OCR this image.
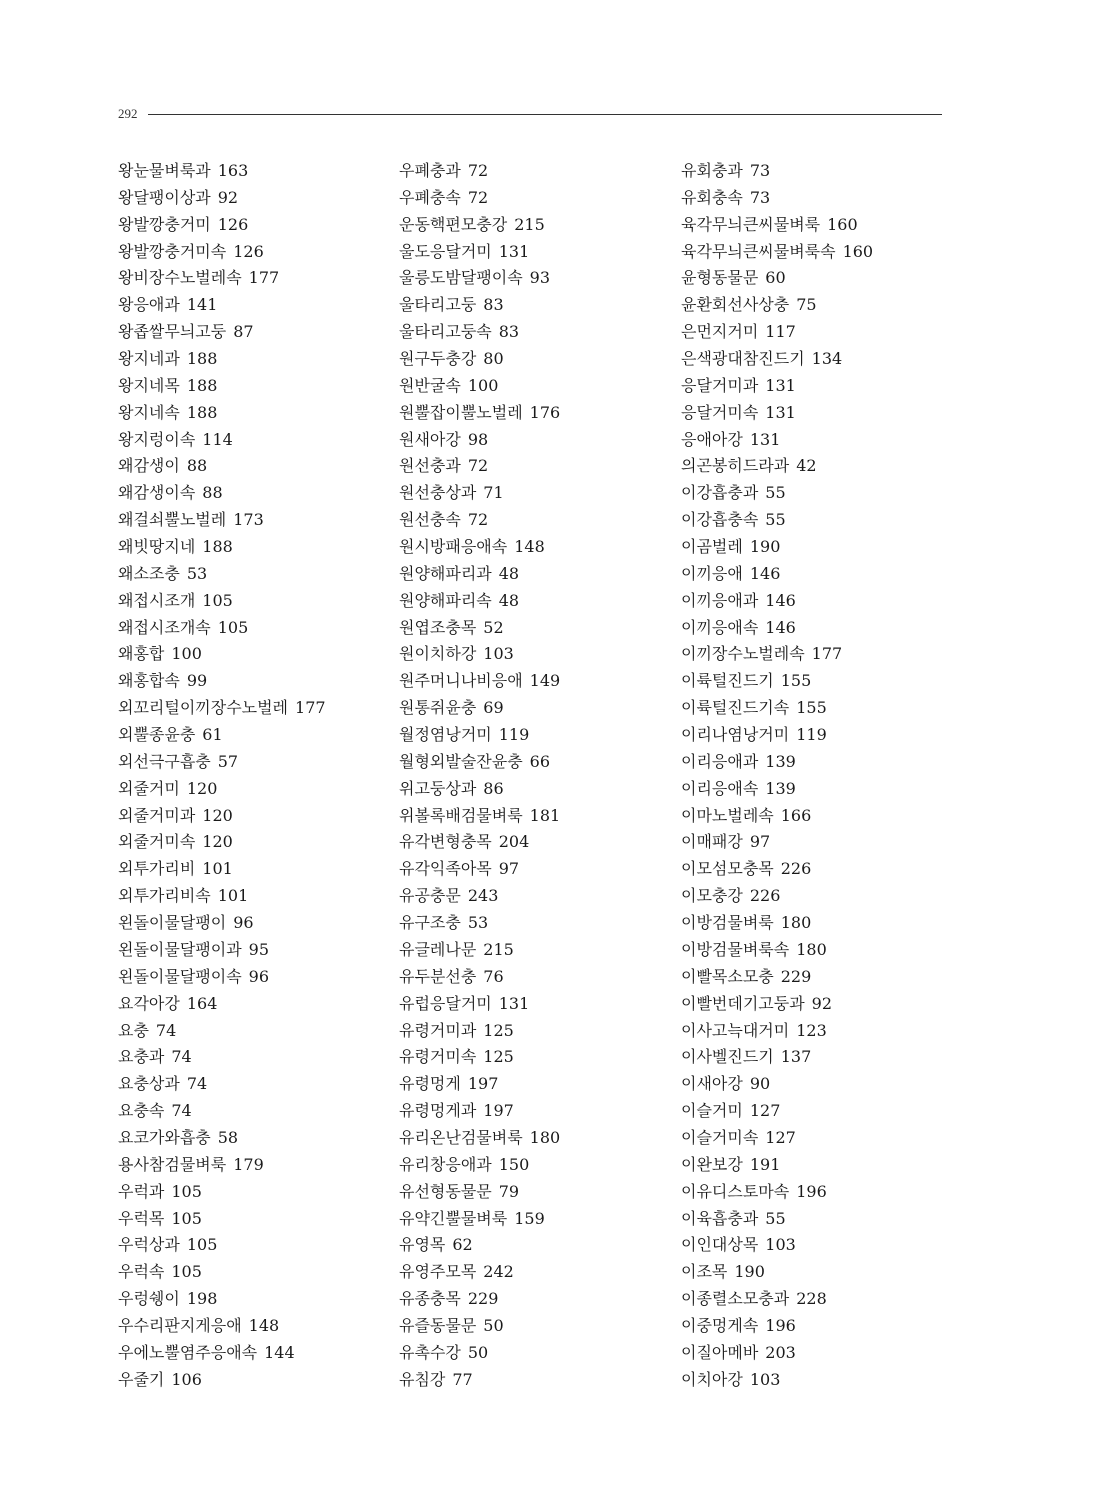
292
왕눈물벼룩과 163
왕달팽이상과 92
왕발깡충거미 126
왕발깡충거미속 126
왕비장수노벌레속 177
왕응애과 141
왕좁쌀무늬고둥 87
왕지네과 188
왕지네목 188
왕지네속 188
왕지렁이속 114
왜감생이 88
왜감생이속 88
왜걸쇠뿔노벌레 173
왜빗땅지네 188
왜소조충 53
왜접시조개 105
왜접시조개속 105
왜홍합 100
왜홍합속 99
외꼬리털이끼장수노벌레 177
외뿔종윤충 61
외선극구흡충 57
외줄거미 120
외줄거미과 120
외줄거미속 120
외투가리비 101
외투가리비속 101
왼돌이물달팽이 96
왼돌이물달팽이과 95
왼돌이물달팽이속 96
요각아강 164
요충 74
요충과 74
요충상과 74
요충속 74
요코가와흡충 58
용사참검물벼룩 179
우럭과 105
우럭목 105
우럭상과 105
우럭속 105
우렁쉥이 198
우수리판지게응애 148
우에노뿔염주응애속 144
우줄기 106
우폐충과 72
우폐충속 72
운동핵편모충강 215
울도응달거미 131
울릉도밤달팽이속 93
울타리고둥 83
울타리고둥속 83
원구두충강 80
원반굴속 100
원뿔잡이뿔노벌레 176
원새아강 98
원선충과 72
원선충상과 71
원선충속 72
원시방패응애속 148
원양해파리과 48
원양해파리속 48
원엽조충목 52
원이치하강 103
원주머니나비응애 149
원통쥐윤충 69
월정염낭거미 119
월형외발술잔윤충 66
위고둥상과 86
위볼록배검물벼룩 181
유각변형충목 204
유각익족아목 97
유공충문 243
유구조충 53
유글레나문 215
유두분선충 76
유럽응달거미 131
유령거미과 125
유령거미속 125
유령멍게 197
유령멍게과 197
유리온난검물벼룩 180
유리창응애과 150
유선형동물문 79
유약긴뿔물벼룩 159
유영목 62
유영주모목 242
유종충목 229
유즐동물문 50
유촉수강 50
유침강 77
유회충과 73
유회충속 73
육각무늬큰씨물벼룩 160
육각무늬큰씨물벼룩속 160
윤형동물문 60
윤환회선사상충 75
은먼지거미 117
은색광대참진드기 134
응달거미과 131
응달거미속 131
응애아강 131
의곤봉히드라과 42
이강흡충과 55
이강흡충속 55
이곰벌레 190
이끼응애 146
이끼응애과 146
이끼응애속 146
이끼장수노벌레속 177
이륙털진드기 155
이륙털진드기속 155
이리나염낭거미 119
이리응애과 139
이리응애속 139
이마노벌레속 166
이매패강 97
이모섬모충목 226
이모충강 226
이방검물벼룩 180
이방검물벼룩속 180
이빨목소모충 229
이빨번데기고둥과 92
이사고늑대거미 123
이사벨진드기 137
이새아강 90
이슬거미 127
이슬거미속 127
이완보강 191
이유디스토마속 196
이육흡충과 55
이인대상목 103
이조목 190
이종렬소모충과 228
이중멍게속 196
이질아메바 203
이치아강 103
